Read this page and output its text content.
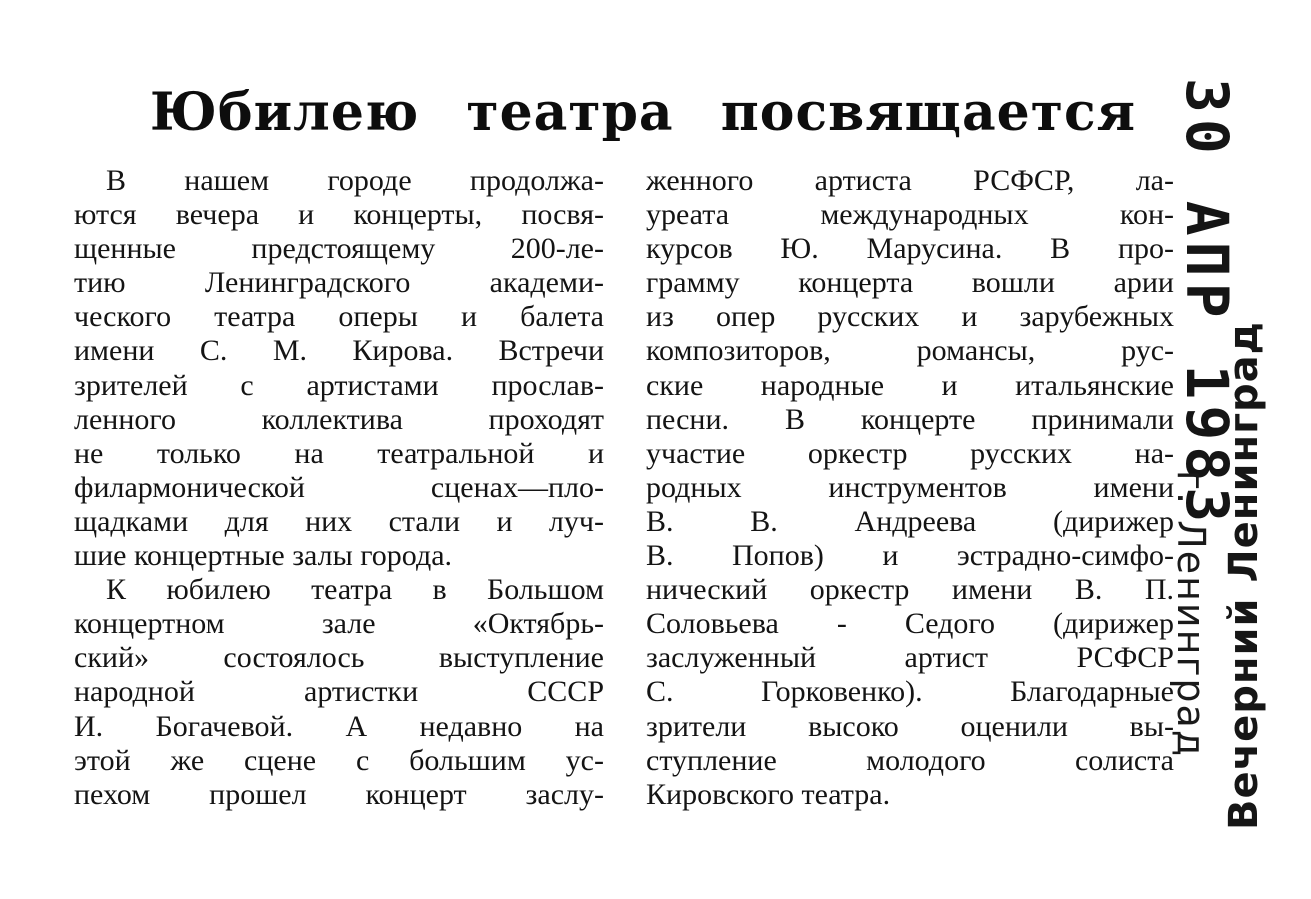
Юбилею театра посвящается
В нашем городе продолжа-
ются вечера и концерты, посвя-
щенные предстоящему 200-ле-
тию Ленинградского академи-
ческого театра оперы и балета
имени С. М. Кирова. Встречи
зрителей с артистами прослав-
ленного коллектива проходят
не только на театральной и
филармонической сценах—пло-
щадками для них стали и луч-
шие концертные залы города.
К юбилею театра в Большом
концертном зале «Октябрь-
ский» состоялось выступление
народной артистки СССР
И. Богачевой. А недавно на
этой же сцене с большим ус-
пехом прошел концерт заслу-
женного артиста РСФСР, ла-
уреата международных кон-
курсов Ю. Марусина. В про-
грамму концерта вошли арии
из опер русских и зарубежных
композиторов, романсы, рус-
ские народные и итальянские
песни. В концерте принимали
участие оркестр русских на-
родных инструментов имени
В. В. Андреева (дирижер
В. Попов) и эстрадно-симфо-
нический оркестр имени В. П.
Соловьева - Седого (дирижер
заслуженный артист РСФСР
С. Горковенко). Благодарные
зрители высоко оценили вы-
ступление молодого солиста
Кировского театра.
30 АПР 1983
г. Ленинград Вечерний Ленинград
